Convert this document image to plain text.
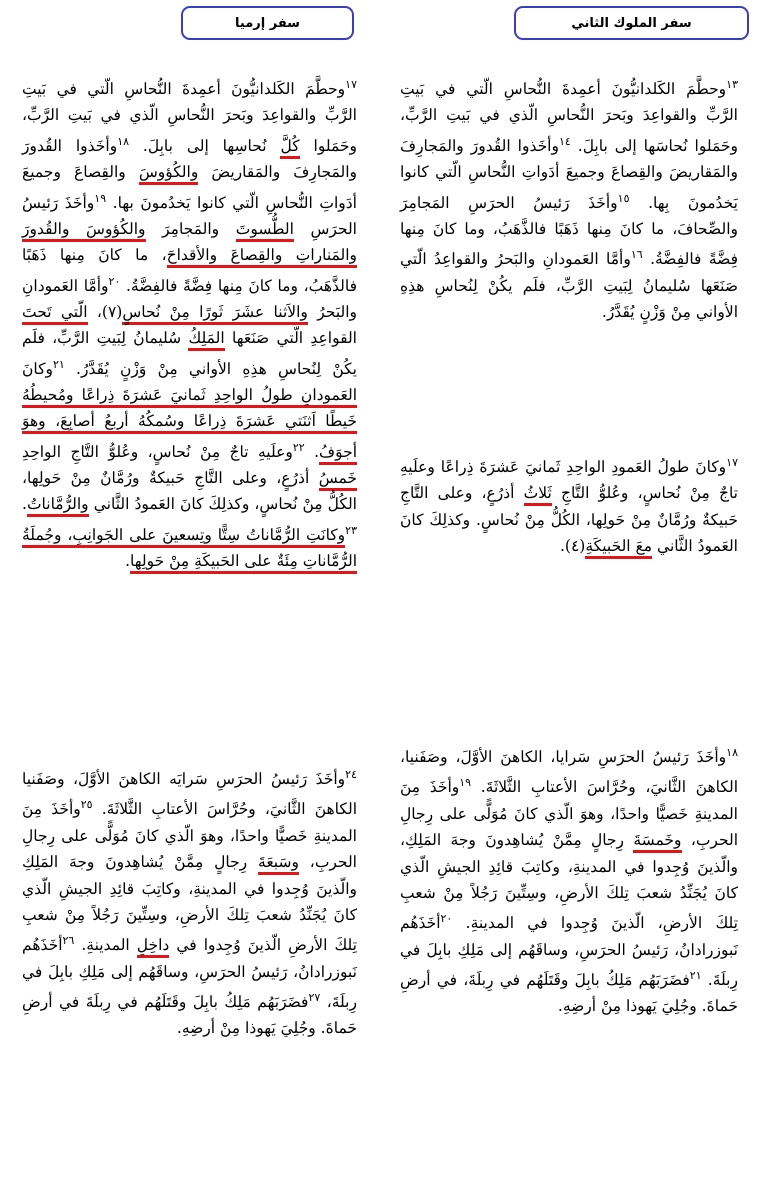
سفر إرميا	سفر الملوك الثاني

$^{١٧}$وحطَّمَ الكَلدانيُّونَ أعمِدةَ النُّحاسِ الّتي في بَيتِ الرَّبِّ والقواعِدَ وبَحرَ النُّحاسِ الّذي في بَيتِ الرَّبِّ، وحَمَلوا كُلَّ نُحاسِها إلى بابِلَ. $^{١٨}$وأخَذوا القُدورَ والمَجارِفَ والمَقاريضَ والكُؤوسَ والقِصاعَ وجميعَ أدَواتِ النُّحاسِ الّتي كانوا يَخدُمونَ بها. $^{١٩}$وأخَذَ رَئيسُ الحرَسِ الطُّسوتَ والمَجامِرَ والكُؤوسَ والقُدورَ والمَناراتِ والقِصاعَ والأقداحَ، ما كانَ مِنها ذَهَبًا فالذَّهَبُ، وما كانَ مِنها فِضَّةً فالفِضَّةُ. $^{٢٠}$وأمَّا العَمودانِ والبَحرُ والاَثنا عشَرَ ثَورًا مِنْ نُحاسٍ(٧)، الّتي تَحتَ القواعِدِ الّتي صَنَعَها المَلِكُ سُليمانُ لِبَيتِ الرَّبِّ، فلَم يكُنْ لِنُحاسِ هذِهِ الأواني مِنْ وَزْنٍ يُقَدَّرُ. $^{٢١}$وكانَ العَمودانِ طولُ الواحِدِ ثَمانيَ عَشرَةَ ذِراعًا ومُحيطُهُ خَيطًا اَثنَتي عَشرَةَ ذِراعًا وسُمكُهُ أربعُ أصابِعَ، وهوَ أجوَفُ. $^{٢٢}$وعلَيهِ تاجٌ مِنْ نُحاسٍ، وعُلوُّ التَّاجِ الواحِدِ خَمسُ أذرُعٍ، وعلى التَّاجِ حَبيكةٌ ورُمَّانٌ مِنْ حَولِها، الكُلُّ مِنْ نُحاسٍ، وكذلِكَ كانَ العَمودُ الثَّاني والرُّمَّاناتُ. $^{٢٣}$وكانَتِ الرُّمَّاناتُ سِتًّا وتِسعينَ على الجَوانِبِ، وجُملَةُ الرُّمَّاناتِ مِئَةٌ على الحَبيكَةِ مِنْ حَولِها.

$^{٢٤}$وأخَذَ رَئيسُ الحرَسِ سَرايَه الكاهنَ الأوَّلَ، وصَفَنيا الكاهنَ الثَّانيَ، وحُرَّاسَ الأعتابِ الثَّلاثَةَ. $^{٢٥}$وأخَذَ مِنَ المدينةِ خَصيًّا واحدًا، وهوَ الّذي كانَ مُوَلًّى على رِجالِ الحربِ، وسَبعَةَ رِجالٍ مِمَّنْ يُشاهِدونَ وجهَ المَلِكِ والّذينَ وُجِدوا في المدينةِ، وكاتِبَ قائِدِ الجيشِ الّذي كانَ يُجَنِّدُ شعبَ تِلكَ الأرضِ، وسِتِّينَ رَجُلاً مِنْ شعبِ تِلكَ الأرضِ الّذينَ وُجِدوا في داخِلِ المدينةِ. $^{٢٦}$أخَذَهُم نَبوزرادانُ، رَئيسُ الحرَسِ، وساقَهُم إلى مَلِكِ بابِلَ في رِبلَةَ، $^{٢٧}$فضَرَبَهُم مَلِكُ بابِلَ وقَتَلَهُم في رِبلَةَ في أرضِ حَماةَ. وجُلِيَ يَهوذا مِنْ أرضِهِ.

$^{١٣}$وحطَّمَ الكَلدانيُّونَ أعمِدةَ النُّحاسِ الّتي في بَيتِ الرَّبِّ والقواعِدَ وبَحرَ النُّحاسِ الّذي في بَيتِ الرَّبِّ، وحَمَلوا نُحاسَها إلى بابِلَ. $^{١٤}$وأخَذوا القُدورَ والمَجارِفَ والمَقاريضَ والقِصاعَ وجميعَ أدَواتِ النُّحاسِ الّتي كانوا يَخدُمونَ بِها. $^{١٥}$وأخَذَ رَئيسُ الحرَسِ المَجامِرَ والصِّحافَ، ما كانَ مِنها ذَهَبًا فالذَّهَبُ، وما كانَ مِنها فِضَّةً فالفِضَّةُ. $^{١٦}$وأمَّا العَمودانِ والبَحرُ والقواعِدُ الّتي صَنَعَها سُليمانُ لِبَيتِ الرَّبِّ، فلَم يكُنْ لِنُحاسِ هذِهِ الأواني مِنْ وَزْنٍ يُقَدَّرُ.

$^{١٧}$وكانَ طولُ العَمودِ الواحِدِ ثَمانيَ عَشرَةَ ذِراعًا وعلَيهِ تاجٌ مِنْ نُحاسٍ، وعُلوُّ التَّاجِ ثَلاثُ أذرُعٍ، وعلى التَّاجِ حَبيكةٌ ورُمَّانٌ مِنْ حَولِها، الكُلُّ مِنْ نُحاسٍ. وكذلِكَ كانَ العَمودُ الثَّاني معَ الحَبيكَةِ(٤).

$^{١٨}$وأخَذَ رَئيسُ الحرَسِ سَرايا، الكاهنَ الأوَّلَ، وصَفَنيا، الكاهنَ الثَّانيَ، وحُرَّاسَ الأعتابِ الثَّلاثَةَ. $^{١٩}$وأخَذَ مِنَ المدينةِ خَصيًّا واحدًا، وهوَ الّذي كانَ مُوَلًّى على رِجالِ الحربِ، وخَمسَةَ رِجالٍ مِمَّنْ يُشاهِدونَ وجهَ المَلِكِ، والّذينَ وُجِدوا في المدينةِ، وكاتِبَ قائِدِ الجيشِ الّذي كانَ يُجَنِّدُ شعبَ تِلكَ الأرضِ، وسِتِّينَ رَجُلاً مِنْ شعبِ تِلكَ الأرضِ، الّذينَ وُجِدوا في المدينةِ. $^{٢٠}$أخَذَهُم نَبوزرادانُ، رَئيسُ الحرَسِ، وساقَهُم إلى مَلِكِ بابِلَ في رِبلَةَ. $^{٢١}$فضَرَبَهُم مَلِكُ بابِلَ وقَتَلَهُم في رِبلَةَ، في أرضِ حَماةَ. وجُلِيَ يَهوذا مِنْ أرضِهِ.
